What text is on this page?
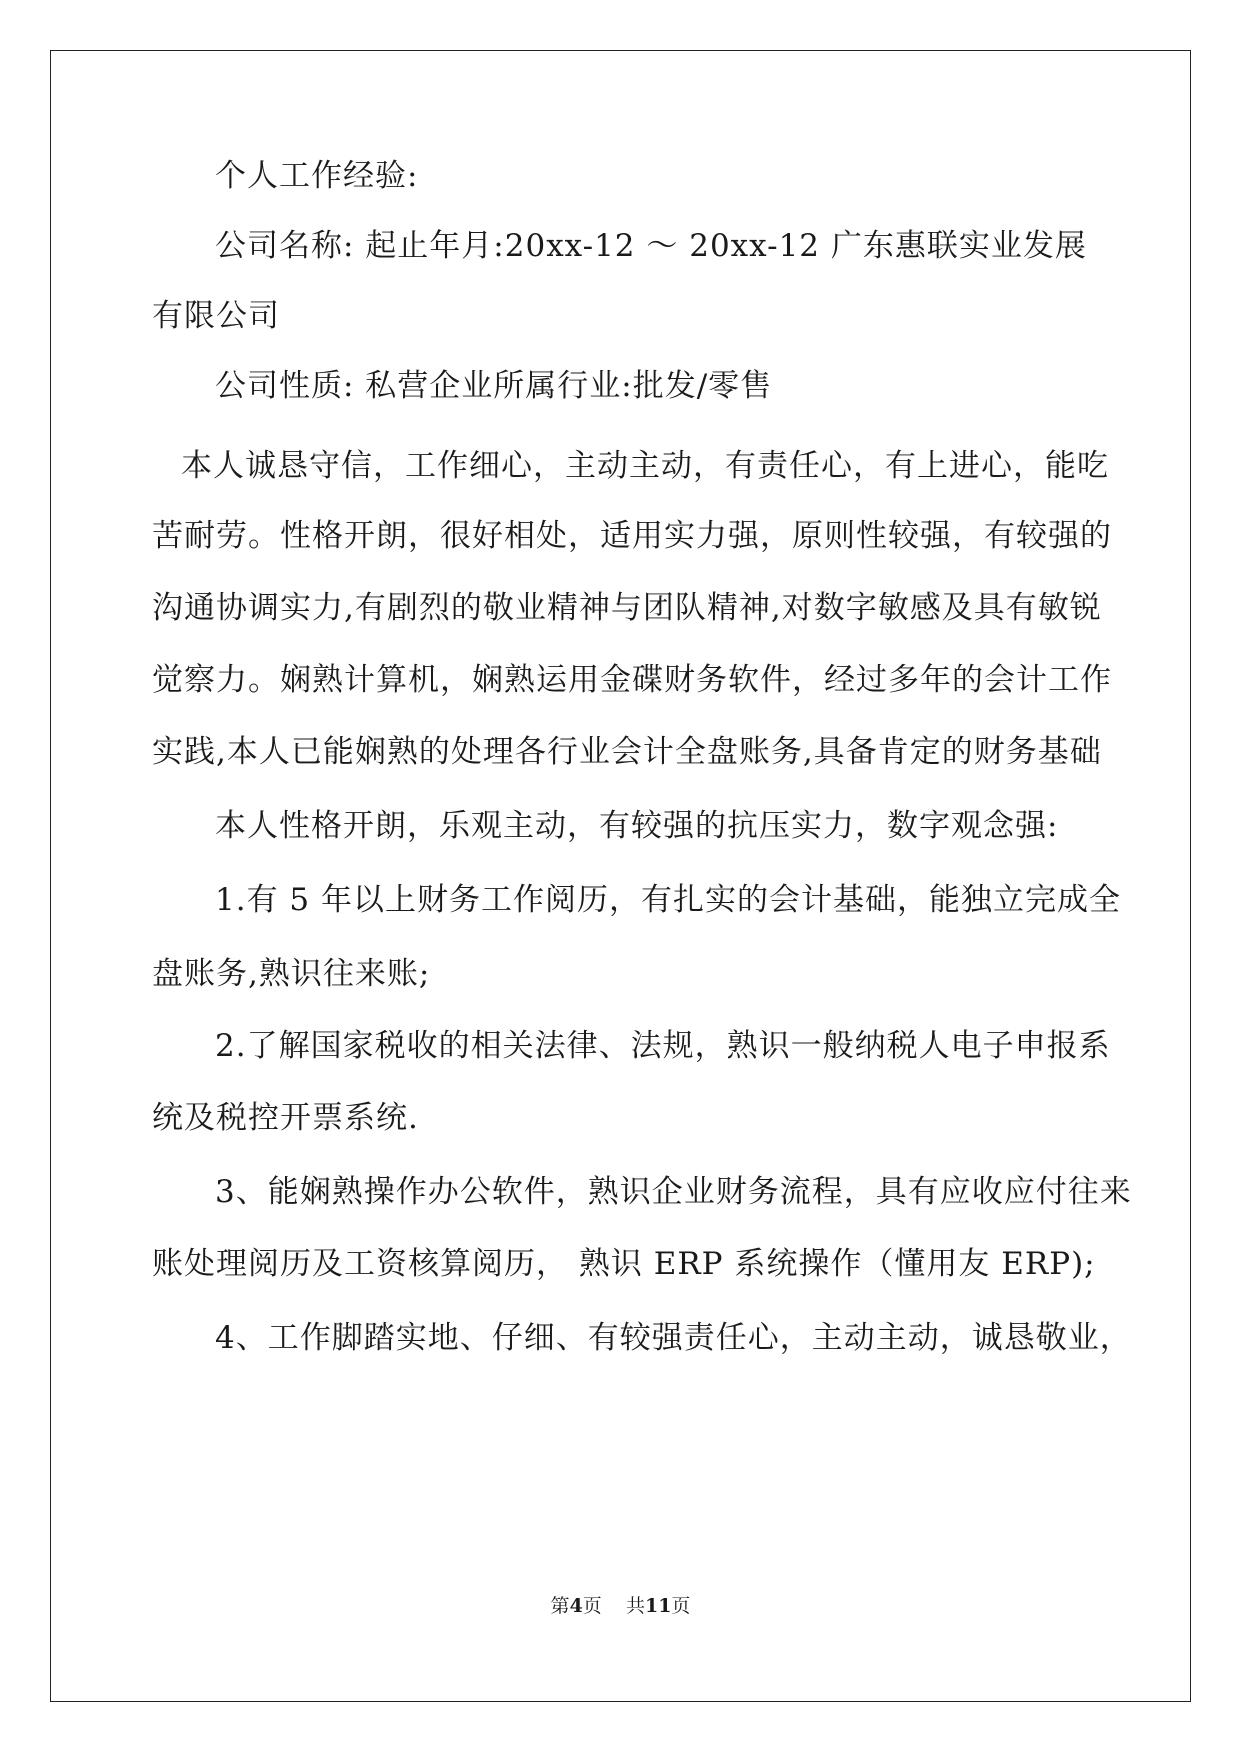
个人工作经验:
公司名称: 起止年月:20xx-12 ～ 20xx-12 广东惠联实业发展
有限公司
公司性质: 私营企业所属行业:批发/零售
本人诚恳守信，工作细心，主动主动，有责任心，有上进心，能吃
苦耐劳。性格开朗，很好相处，适用实力强，原则性较强，有较强的
沟通协调实力,有剧烈的敬业精神与团队精神,对数字敏感及具有敏锐
觉察力。娴熟计算机，娴熟运用金碟财务软件，经过多年的会计工作
实践,本人已能娴熟的处理各行业会计全盘账务,具备肯定的财务基础
本人性格开朗，乐观主动，有较强的抗压实力，数字观念强:
1.有 5 年以上财务工作阅历，有扎实的会计基础，能独立完成全
盘账务,熟识往来账;
2.了解国家税收的相关法律、法规，熟识一般纳税人电子申报系
统及税控开票系统.
3、能娴熟操作办公软件，熟识企业财务流程，具有应收应付往来
账处理阅历及工资核算阅历， 熟识 ERP 系统操作（懂用友 ERP);
4、工作脚踏实地、仔细、有较强责任心，主动主动，诚恳敬业，
第4页    共11页
